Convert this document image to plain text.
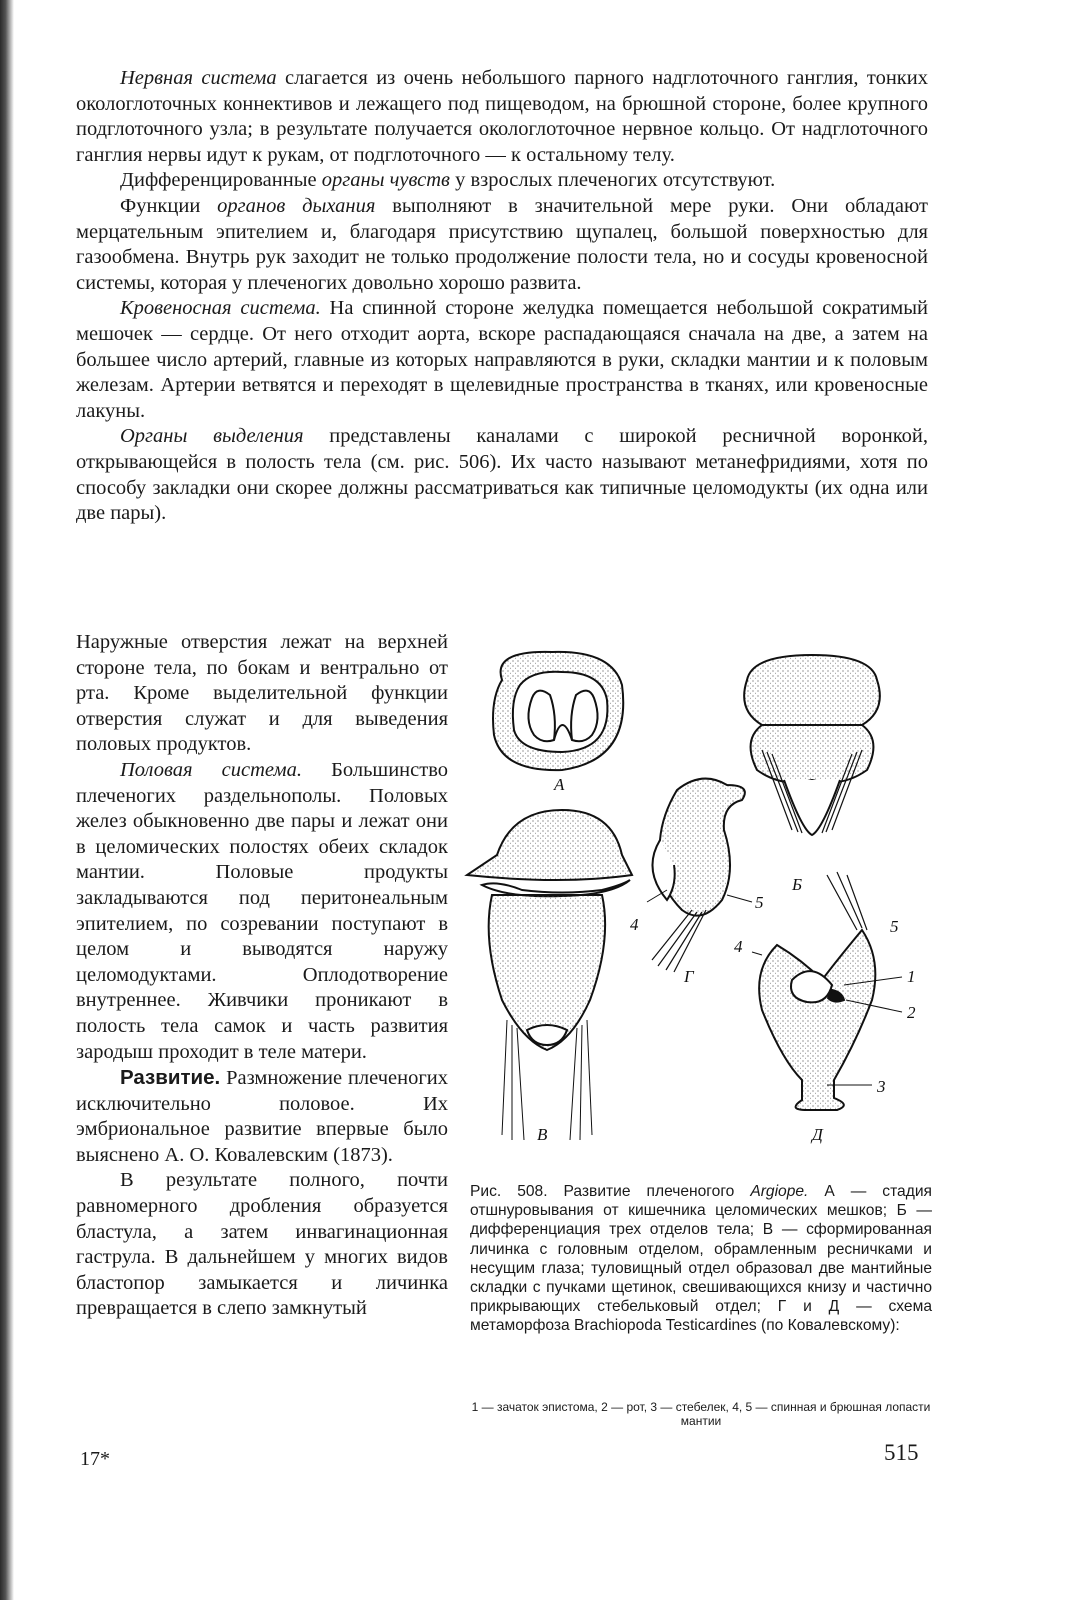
Нервная система слагается из очень небольшого парного надглоточного ганглия, тонких окологлоточных коннективов и лежащего под пищеводом, на брюшной стороне, более крупного подглоточного узла; в результате получается окологлоточное нервное кольцо. От надглоточного ганглия нервы идут к рукам, от подглоточного — к остальному телу.

Дифференцированные органы чувств у взрослых плеченогих отсутствуют.

Функции органов дыхания выполняют в значительной мере руки. Они обладают мерцательным эпителием и, благодаря присутствию щупалец, большой поверхностью для газообмена. Внутрь рук заходит не только продолжение полости тела, но и сосуды кровеносной системы, которая у плеченогих довольно хорошо развита.

Кровеносная система. На спинной стороне желудка помещается небольшой сократимый мешочек — сердце. От него отходит аорта, вскоре распадающаяся сначала на две, а затем на большее число артерий, главные из которых направляются в руки, складки мантии и к половым железам. Артерии ветвятся и переходят в щелевидные пространства в тканях, или кровеносные лакуны.

Органы выделения представлены каналами с широкой ресничной воронкой, открывающейся в полость тела (см. рис. 506). Их часто называют метанефридиями, хотя по способу закладки они скорее должны рассматриваться как типичные целомодукты (их одна или две пары).

Наружные отверстия лежат на верхней стороне тела, по бокам и вентрально от рта. Кроме выделительной функции отверстия служат и для выведения половых продуктов.

Половая система. Большинство плеченогих раздельнополы. Половых желез обыкновенно две пары и лежат они в целомических полостях обеих складок мантии. Половые продукты закладываются под перитонеальным эпителием, по созревании поступают в целом и выводятся наружу целомодуктами. Оплодотворение внутреннее. Живчики проникают в полость тела самок и часть развития зародыш проходит в теле матери.

Развитие. Размножение плеченогих исключительно половое. Их эмбриональное развитие впервые было выяснено А. О. Ковалевским (1873).

В результате полного, почти равномерного дробления образуется бластула, а затем инвагинационная гаструла. В дальнейшем у многих видов бластопор замыкается и личинка превращается в слепо замкнутый

А
Б
5
4
Г
В
4
5
1
2
3
Д
Рис. 508. Развитие плеченогого Argiope. А — стадия отшнуровывания от кишечника целомических мешков; Б — дифференциация трех отделов тела; В — сформированная личинка с головным отделом, обрамленным ресничками и несущим глаза; туловищный отдел образовал две мантийные складки с пучками щетинок, свешивающихся книзу и частично прикрывающих стебельковый отдел; Г и Д — схема метаморфоза Brachiopoda Testicardines (по Ковалевскому):
1 — зачаток эпистома, 2 — рот, 3 — стебелек, 4, 5 — спинная и брюшная лопасти мантии
17*	515
